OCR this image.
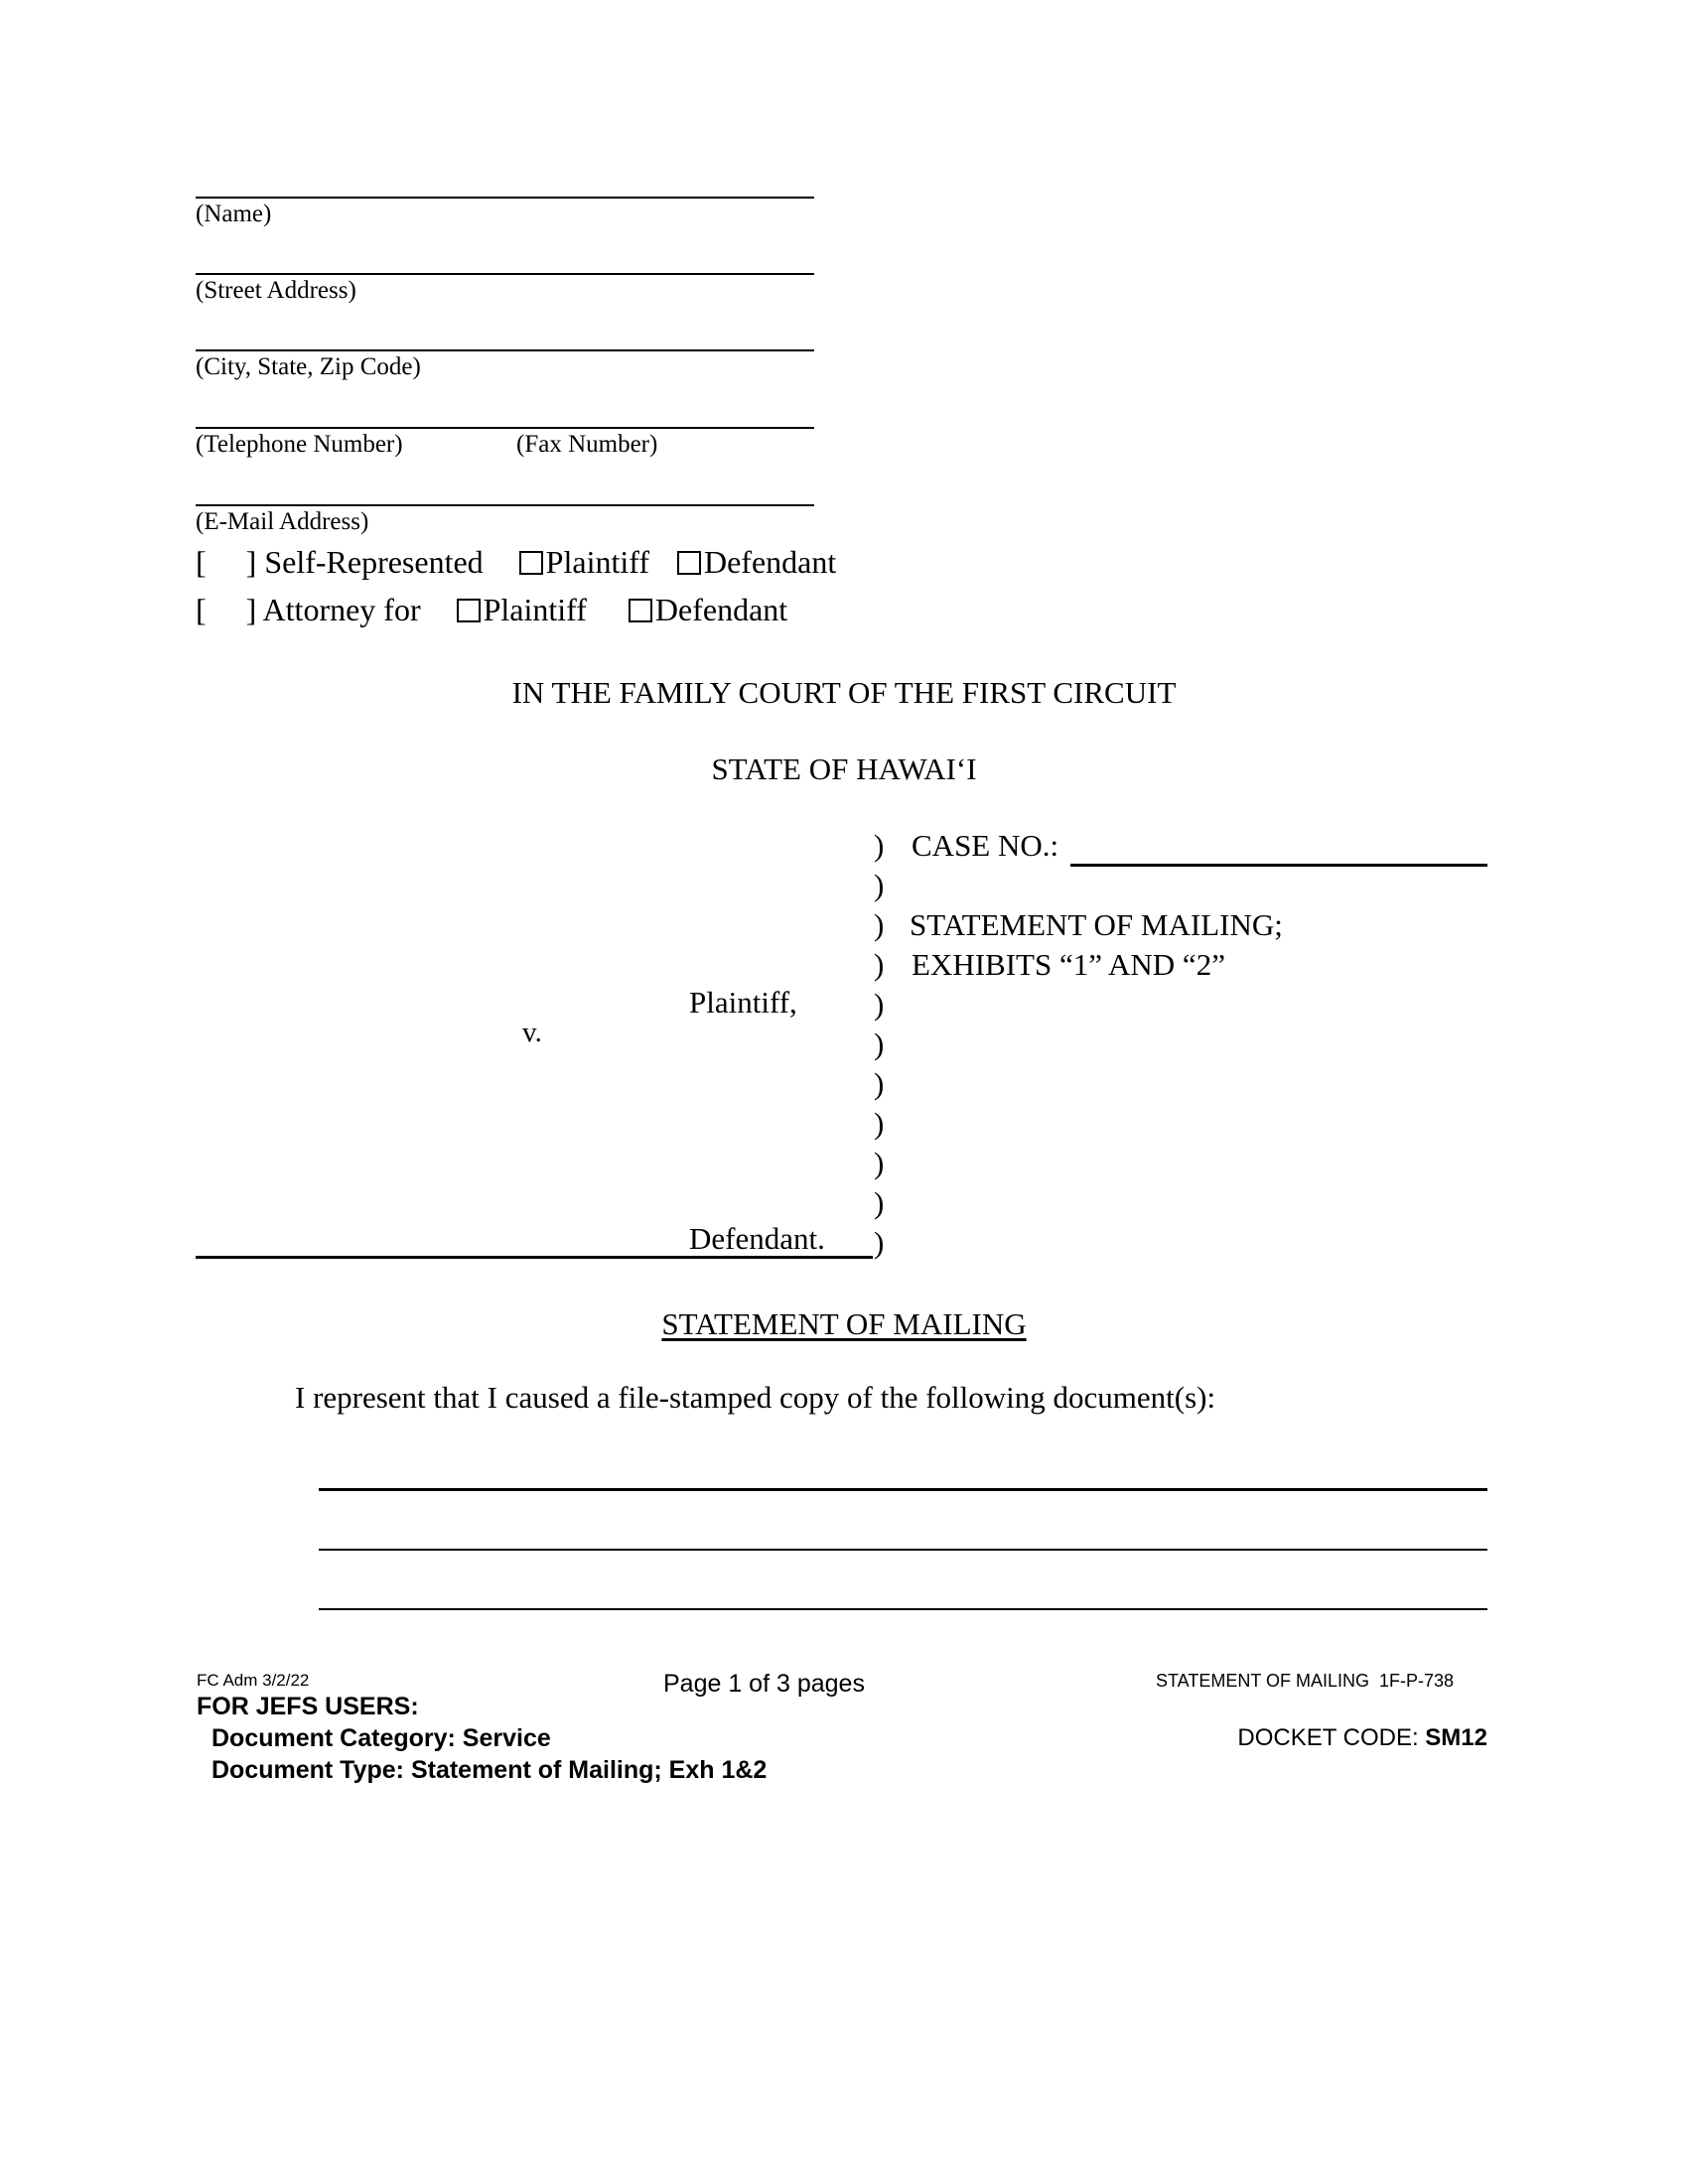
(Name)
(Street Address)
(City, State, Zip Code)
(Telephone Number)	(Fax Number)
(E-Mail Address)
[     ] Self-Represented Plaintiff Defendant
[     ] Attorney for Plaintiff Defendant
IN THE FAMILY COURT OF THE FIRST CIRCUIT
STATE OF HAWAI‘I
)
)
)
)
)
)
)
)
)
)
)
CASE NO.:
STATEMENT OF MAILING;
EXHIBITS “1” AND “2”
Plaintiff,
v.
Defendant.
STATEMENT OF MAILING
I represent that I caused a file-stamped copy of the following document(s):
FC Adm 3/2/22	Page 1 of 3 pages	STATEMENT OF MAILING  1F-P-738
FOR JEFS USERS:
Document Category: Service
Document Type: Statement of Mailing; Exh 1&2
DOCKET CODE: SM12
